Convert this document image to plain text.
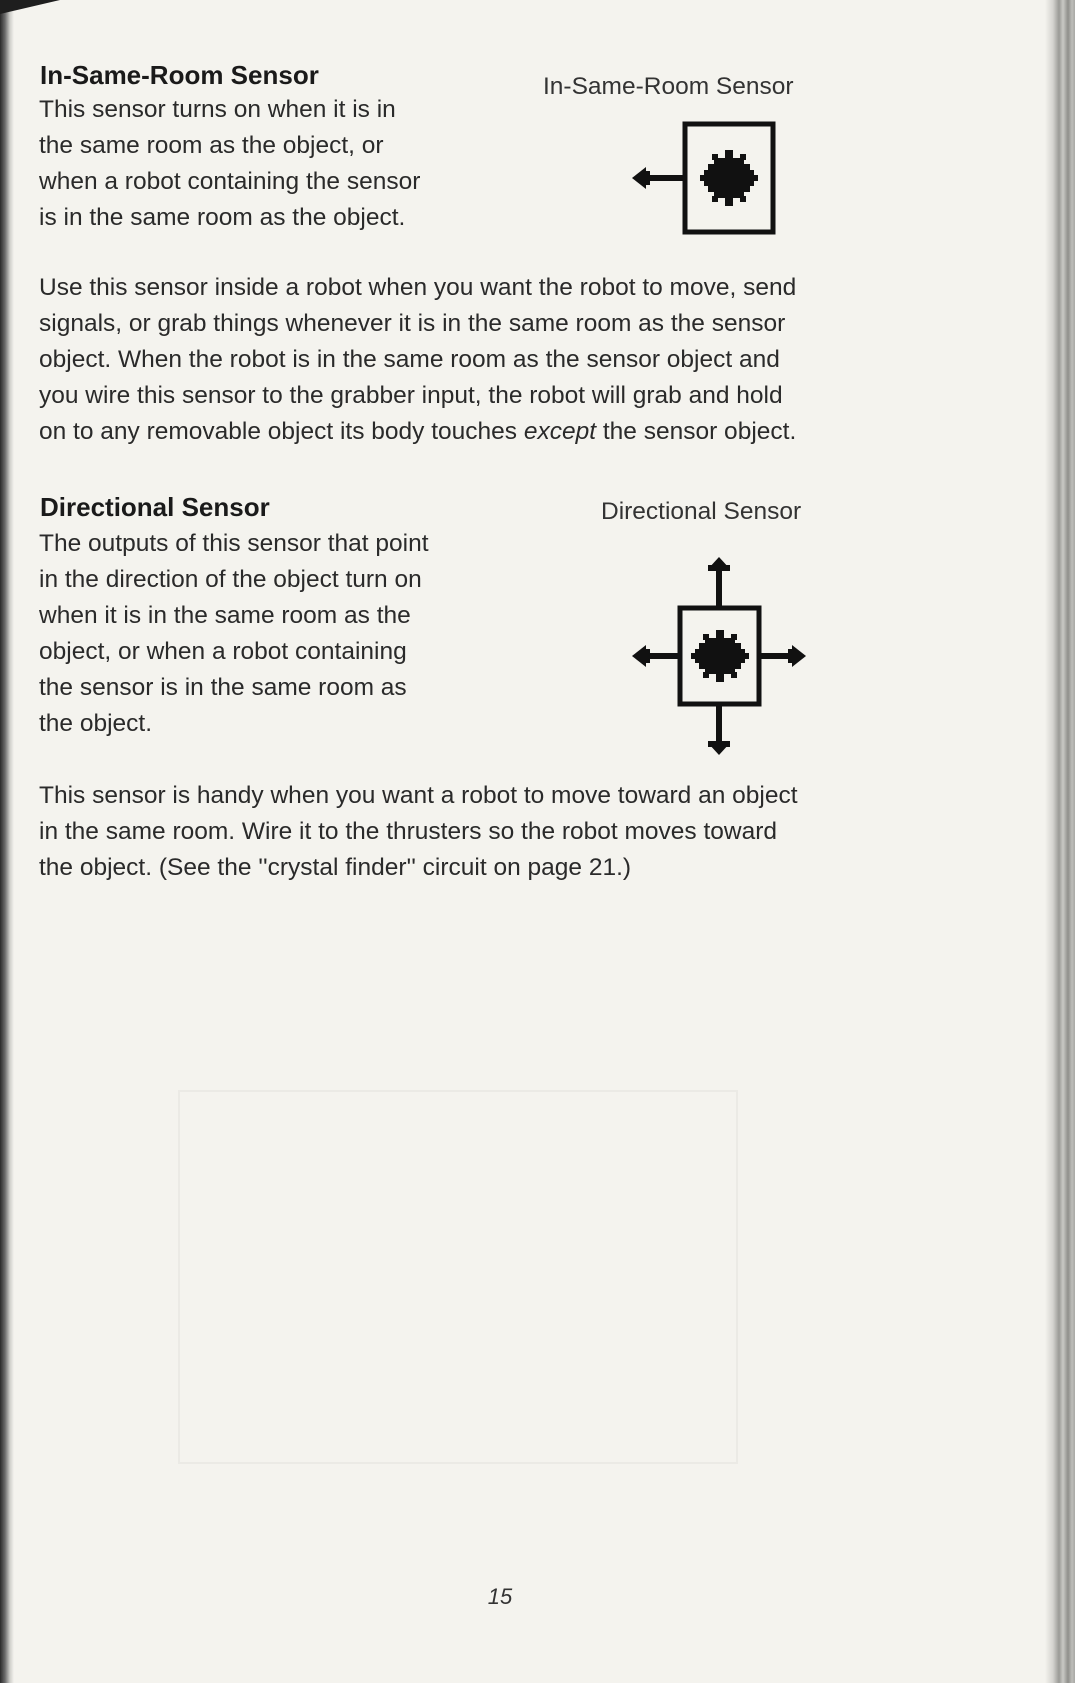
In-Same-Room Sensor
This sensor turns on when it is in
the same room as the object, or
when a robot containing the sensor
is in the same room as the object.
In-Same-Room Sensor
Use this sensor inside a robot when you want the robot to move, send
signals, or grab things whenever it is in the same room as the sensor
object. When the robot is in the same room as the sensor object and
you wire this sensor to the grabber input, the robot will grab and hold
on to any removable object its body touches except the sensor object.
Directional Sensor
The outputs of this sensor that point
in the direction of the object turn on
when it is in the same room as the
object, or when a robot containing
the sensor is in the same room as
the object.
Directional Sensor
This sensor is handy when you want a robot to move toward an object
in the same room. Wire it to the thrusters so the robot moves toward
the object. (See the ''crystal finder'' circuit on page 21.)
15
